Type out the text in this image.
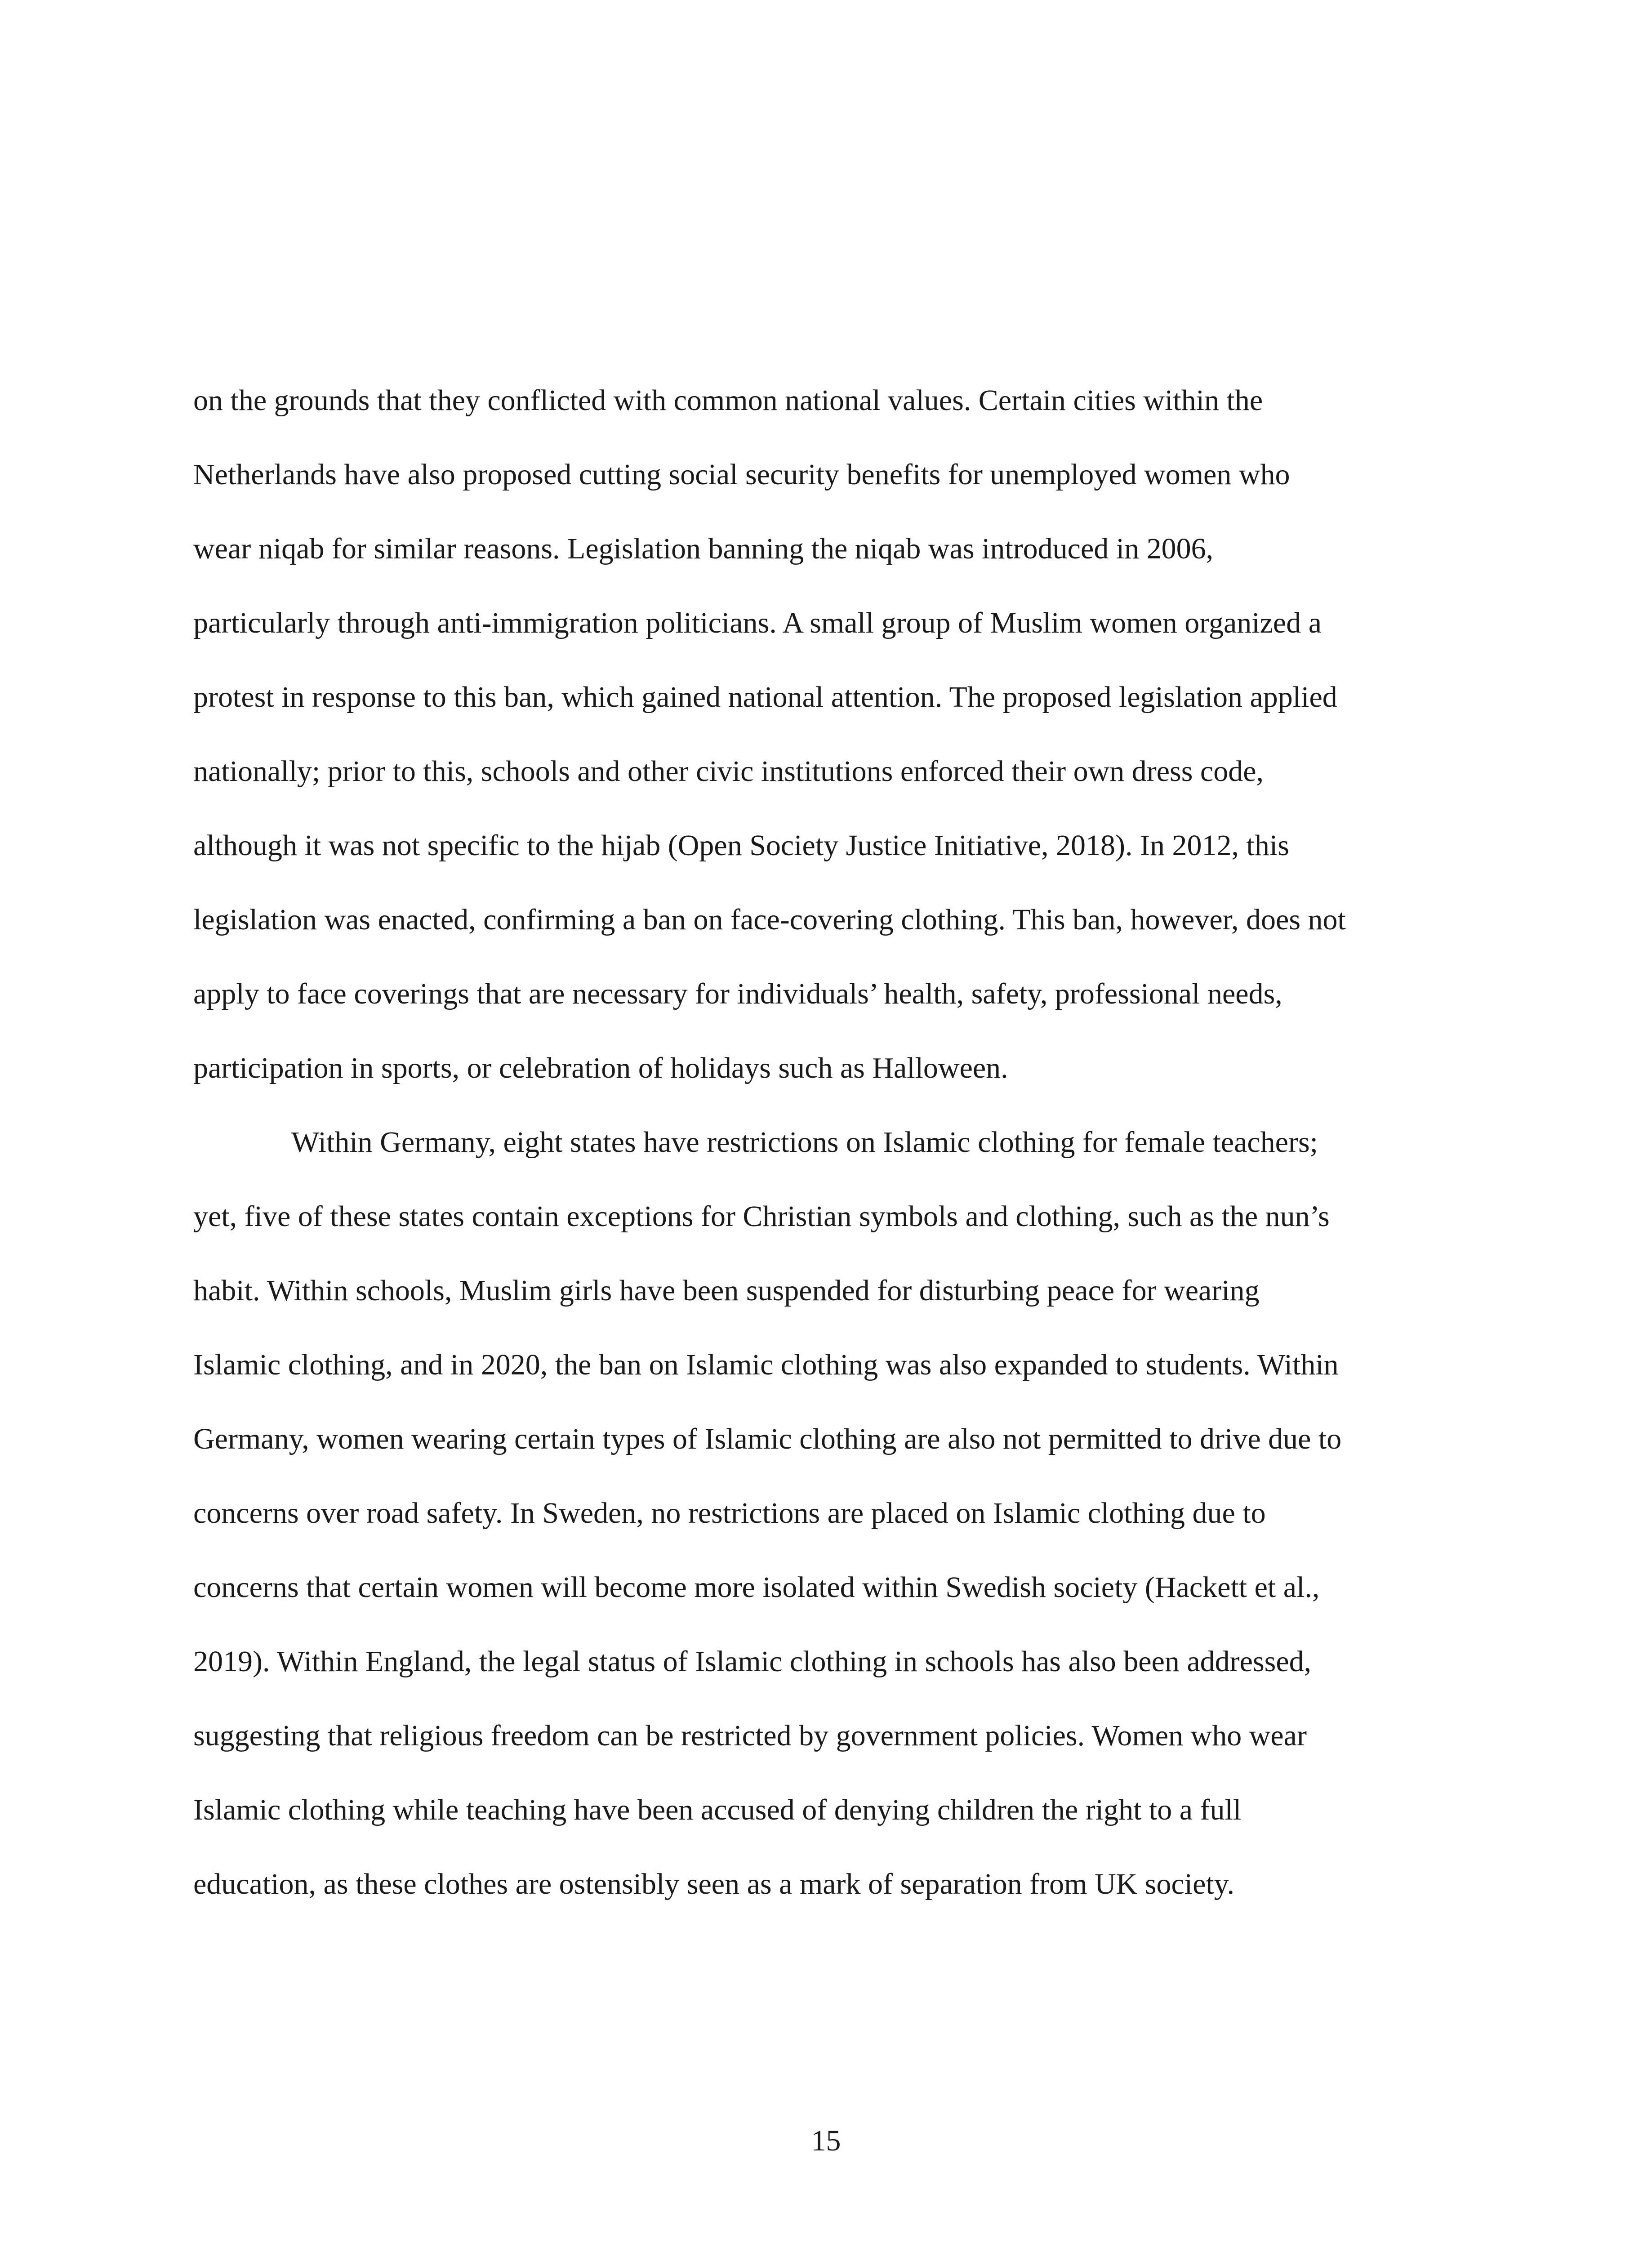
on the grounds that they conflicted with common national values. Certain cities within the
Netherlands have also proposed cutting social security benefits for unemployed women who
wear niqab for similar reasons. Legislation banning the niqab was introduced in 2006,
particularly through anti-immigration politicians. A small group of Muslim women organized a
protest in response to this ban, which gained national attention. The proposed legislation applied
nationally; prior to this, schools and other civic institutions enforced their own dress code,
although it was not specific to the hijab (Open Society Justice Initiative, 2018). In 2012, this
legislation was enacted, confirming a ban on face-covering clothing. This ban, however, does not
apply to face coverings that are necessary for individuals’ health, safety, professional needs,
participation in sports, or celebration of holidays such as Halloween.
Within Germany, eight states have restrictions on Islamic clothing for female teachers;
yet, five of these states contain exceptions for Christian symbols and clothing, such as the nun’s
habit. Within schools, Muslim girls have been suspended for disturbing peace for wearing
Islamic clothing, and in 2020, the ban on Islamic clothing was also expanded to students. Within
Germany, women wearing certain types of Islamic clothing are also not permitted to drive due to
concerns over road safety. In Sweden, no restrictions are placed on Islamic clothing due to
concerns that certain women will become more isolated within Swedish society (Hackett et al.,
2019). Within England, the legal status of Islamic clothing in schools has also been addressed,
suggesting that religious freedom can be restricted by government policies. Women who wear
Islamic clothing while teaching have been accused of denying children the right to a full
education, as these clothes are ostensibly seen as a mark of separation from UK society.
15
